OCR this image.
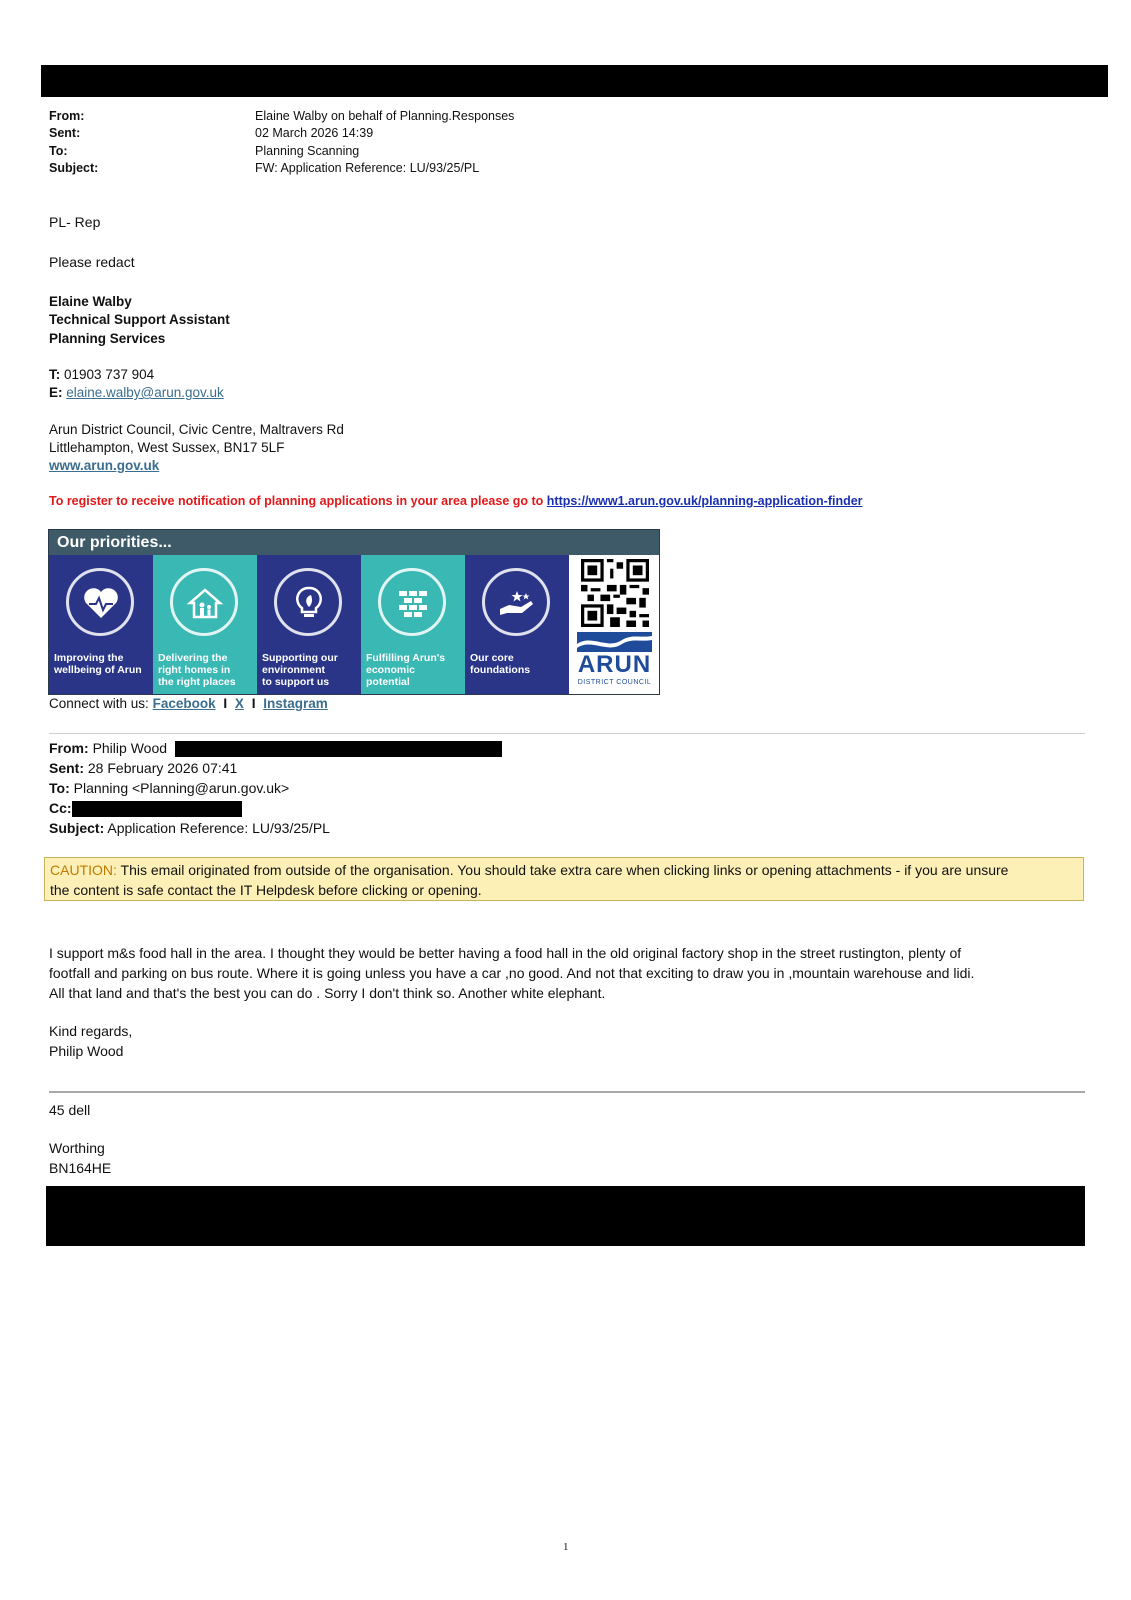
From:	Elaine Walby on behalf of Planning.Responses
Sent:	02 March 2026 14:39
To:	Planning Scanning
Subject:	FW: Application Reference: LU/93/25/PL
PL- Rep
Please redact
Elaine Walby
Technical Support Assistant
Planning Services
T: 01903 737 904
E: elaine.walby@arun.gov.uk
Arun District Council, Civic Centre, Maltravers Rd
Littlehampton, West Sussex, BN17 5LF
www.arun.gov.uk
To register to receive notification of planning applications in your area please go to https://www1.arun.gov.uk/planning-application-finder
Our priorities...
Improving the
wellbeing of Arun
Delivering the
right homes in
the right places
Supporting our
environment
to support us
Fulfilling Arun's
economic
potential
Our core
foundations	ARUN
DISTRICT COUNCIL
Connect with us: Facebook I X I Instagram
From: Philip Wood
Sent: 28 February 2026 07:41
To: Planning <Planning@arun.gov.uk>
Cc:
Subject: Application Reference: LU/93/25/PL
CAUTION: This email originated from outside of the organisation. You should take extra care when clicking links or opening attachments - if you are unsure
the content is safe contact the IT Helpdesk before clicking or opening.
I support m&s food hall in the area. I thought they would be better having a food hall in the old original factory shop in the street rustington, plenty of
footfall and parking on bus route. Where it is going unless you have a car ,no good. And not that exciting to draw you in ,mountain warehouse and lidi.
All that land and that's the best you can do . Sorry I don't think so. Another white elephant.
Kind regards,
Philip Wood
45 dell
Worthing
BN164HE
1
